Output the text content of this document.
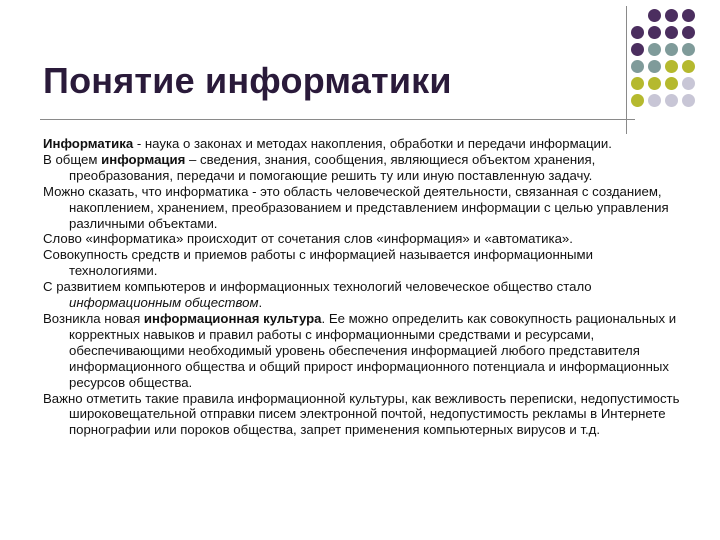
Понятие информатики

Информатика - наука о законах и методах накопления, обработки и передачи информации.

В общем информация – сведения, знания, сообщения, являющиеся объектом хранения, преобразования, передачи и помогающие решить ту или иную поставленную задачу.

Можно сказать, что информатика - это область человеческой деятельности, связанная с созданием, накоплением, хранением, преобразованием и представлением информации с целью управления различными объектами.

Слово «информатика» происходит от сочетания слов «информация» и «автоматика».

Совокупность средств и приемов работы с информацией называется информационными технологиями.

С развитием компьютеров и информационных технологий человеческое общество стало информационным обществом.

Возникла новая информационная культура. Ее можно определить как совокупность рациональных и корректных навыков и правил работы с информационными средствами и ресурсами, обеспечивающими необходимый уровень обеспечения информацией любого представителя информационного общества и общий прирост информационного потенциала и информационных ресурсов общества.

Важно отметить такие правила информационной культуры, как вежливость переписки, недопустимость широковещательной отправки писем электронной почтой, недопустимость рекламы в Интернете порнографии или пороков общества, запрет применения компьютерных вирусов и т.д.
